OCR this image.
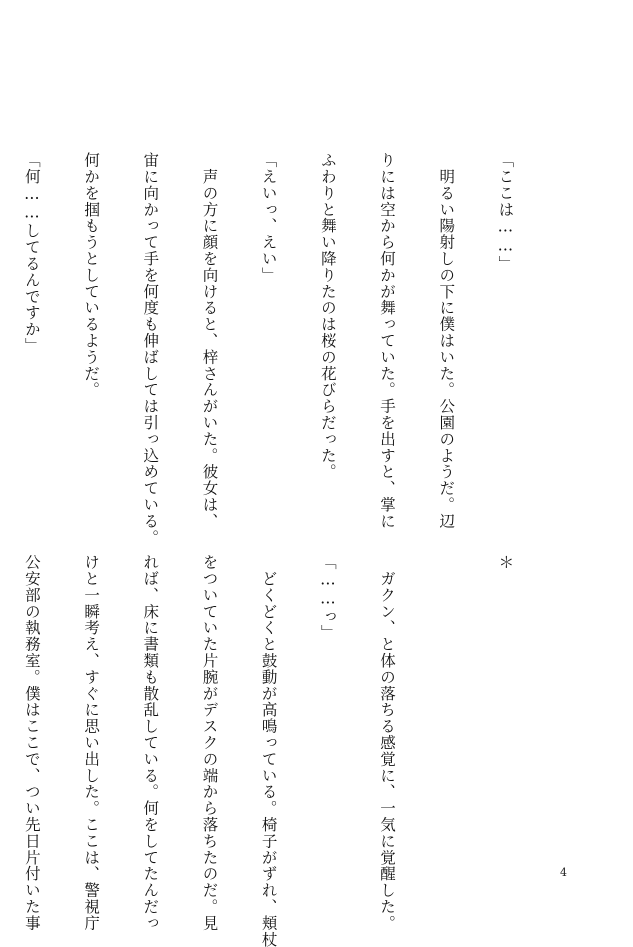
「ここは……」

　明るい陽射しの下に僕はいた。公園のようだ。辺

りには空から何かが舞っていた。手を出すと、掌に

ふわりと舞い降りたのは桜の花びらだった。

「えいっ、えい」

　声の方に顔を向けると、梓さんがいた。彼女は、

宙に向かって手を何度も伸ばしては引っ込めている。

何かを掴もうとしているようだ。

「何……してるんですか」

＊

　ガクン、と体の落ちる感覚に、一気に覚醒した。

「……っ」

　どくどくと鼓動が高鳴っている。椅子がずれ、頬杖

をついていた片腕がデスクの端から落ちたのだ。見

れば、床に書類も散乱している。何をしてたんだっ

けと一瞬考え、すぐに思い出した。ここは、警視庁

公安部の執務室。僕はここで、つい先日片付いた事

	4
